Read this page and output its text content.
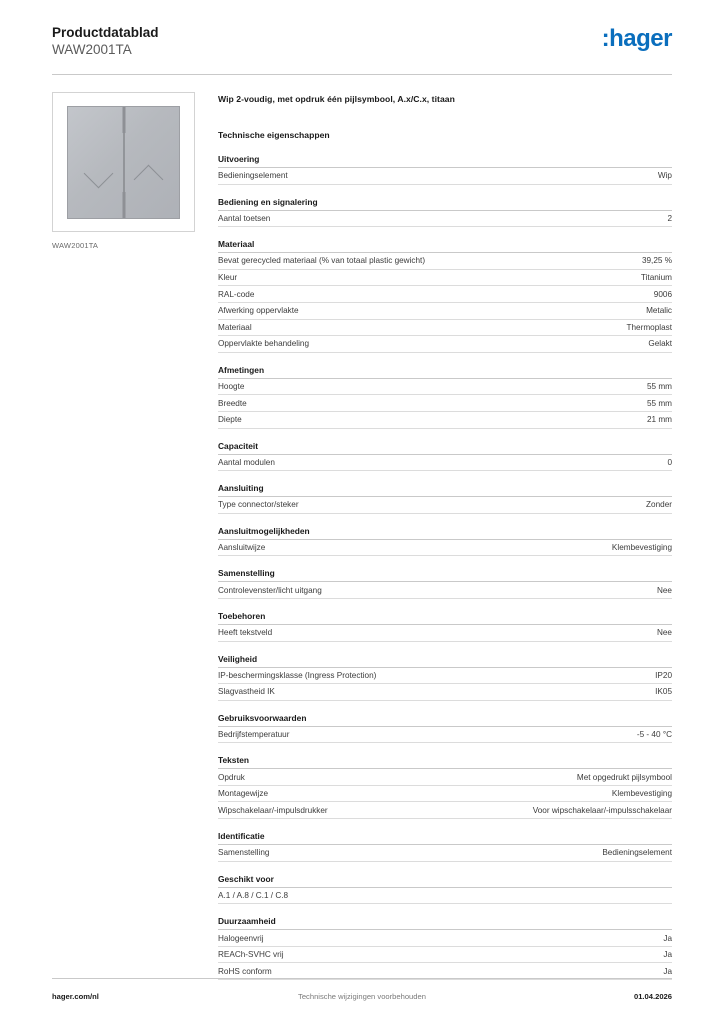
Productdatablad
WAW2001TA	:hager
WAW2001TA
Wip 2-voudig, met opdruk één pijlsymbool, A.x/C.x, titaan
Technische eigenschappen
Uitvoering
Bedieningselement	Wip
Bediening en signalering
Aantal toetsen	2
Materiaal
Bevat gerecycled materiaal (% van totaal plastic gewicht)	39,25 %
Kleur	Titanium
RAL-code	9006
Afwerking oppervlakte	Metalic
Materiaal	Thermoplast
Oppervlakte behandeling	Gelakt
Afmetingen
Hoogte	55 mm
Breedte	55 mm
Diepte	21 mm
Capaciteit
Aantal modulen	0
Aansluiting
Type connector/steker	Zonder
Aansluitmogelijkheden
Aansluitwijze	Klembevestiging
Samenstelling
Controlevenster/licht uitgang	Nee
Toebehoren
Heeft tekstveld	Nee
Veiligheid
IP-beschermingsklasse (Ingress Protection)	IP20
Slagvastheid IK	IK05
Gebruiksvoorwaarden
Bedrijfstemperatuur	-5 - 40 °C
Teksten
Opdruk	Met opgedrukt pijlsymbool
Montagewijze	Klembevestiging
Wipschakelaar/-impulsdrukker	Voor wipschakelaar/-impulsschakelaar
Identificatie
Samenstelling	Bedieningselement
Geschikt voor
A.1 / A.8 / C.1 / C.8
Duurzaamheid
Halogeenvrij	Ja
REACh-SVHC vrij	Ja
RoHS conform	Ja
hager.com/nl	Technische wijzigingen voorbehouden	01.04.2026
